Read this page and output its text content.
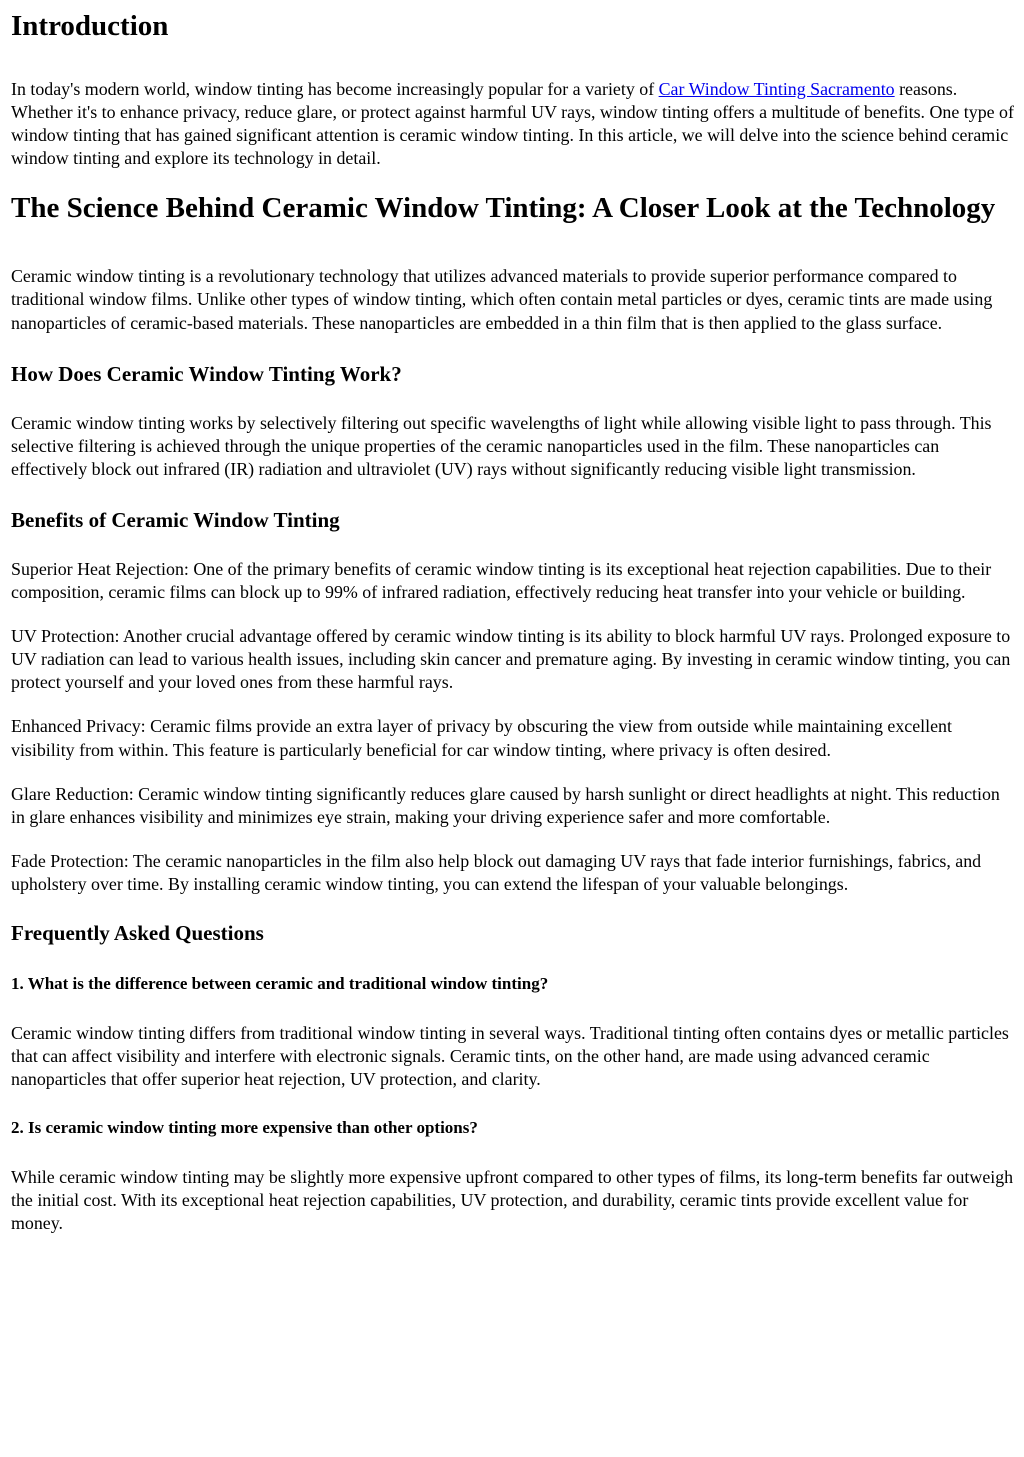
Introduction

In today's modern world, window tinting has become increasingly popular for a variety of Car Window Tinting Sacramento reasons. Whether it's to enhance privacy, reduce glare, or protect against harmful UV rays, window tinting offers a multitude of benefits. One type of window tinting that has gained significant attention is ceramic window tinting. In this article, we will delve into the science behind ceramic window tinting and explore its technology in detail.

The Science Behind Ceramic Window Tinting: A Closer Look at the Technology

Ceramic window tinting is a revolutionary technology that utilizes advanced materials to provide superior performance compared to traditional window films. Unlike other types of window tinting, which often contain metal particles or dyes, ceramic tints are made using nanoparticles of ceramic-based materials. These nanoparticles are embedded in a thin film that is then applied to the glass surface.

How Does Ceramic Window Tinting Work?

Ceramic window tinting works by selectively filtering out specific wavelengths of light while allowing visible light to pass through. This selective filtering is achieved through the unique properties of the ceramic nanoparticles used in the film. These nanoparticles can effectively block out infrared (IR) radiation and ultraviolet (UV) rays without significantly reducing visible light transmission.

Benefits of Ceramic Window Tinting

Superior Heat Rejection: One of the primary benefits of ceramic window tinting is its exceptional heat rejection capabilities. Due to their composition, ceramic films can block up to 99% of infrared radiation, effectively reducing heat transfer into your vehicle or building.

UV Protection: Another crucial advantage offered by ceramic window tinting is its ability to block harmful UV rays. Prolonged exposure to UV radiation can lead to various health issues, including skin cancer and premature aging. By investing in ceramic window tinting, you can protect yourself and your loved ones from these harmful rays.

Enhanced Privacy: Ceramic films provide an extra layer of privacy by obscuring the view from outside while maintaining excellent visibility from within. This feature is particularly beneficial for car window tinting, where privacy is often desired.

Glare Reduction: Ceramic window tinting significantly reduces glare caused by harsh sunlight or direct headlights at night. This reduction in glare enhances visibility and minimizes eye strain, making your driving experience safer and more comfortable.

Fade Protection: The ceramic nanoparticles in the film also help block out damaging UV rays that fade interior furnishings, fabrics, and upholstery over time. By installing ceramic window tinting, you can extend the lifespan of your valuable belongings.

Frequently Asked Questions
1. What is the difference between ceramic and traditional window tinting?

Ceramic window tinting differs from traditional window tinting in several ways. Traditional tinting often contains dyes or metallic particles that can affect visibility and interfere with electronic signals. Ceramic tints, on the other hand, are made using advanced ceramic nanoparticles that offer superior heat rejection, UV protection, and clarity.

2. Is ceramic window tinting more expensive than other options?

While ceramic window tinting may be slightly more expensive upfront compared to other types of films, its long-term benefits far outweigh the initial cost. With its exceptional heat rejection capabilities, UV protection, and durability, ceramic tints provide excellent value for money.
